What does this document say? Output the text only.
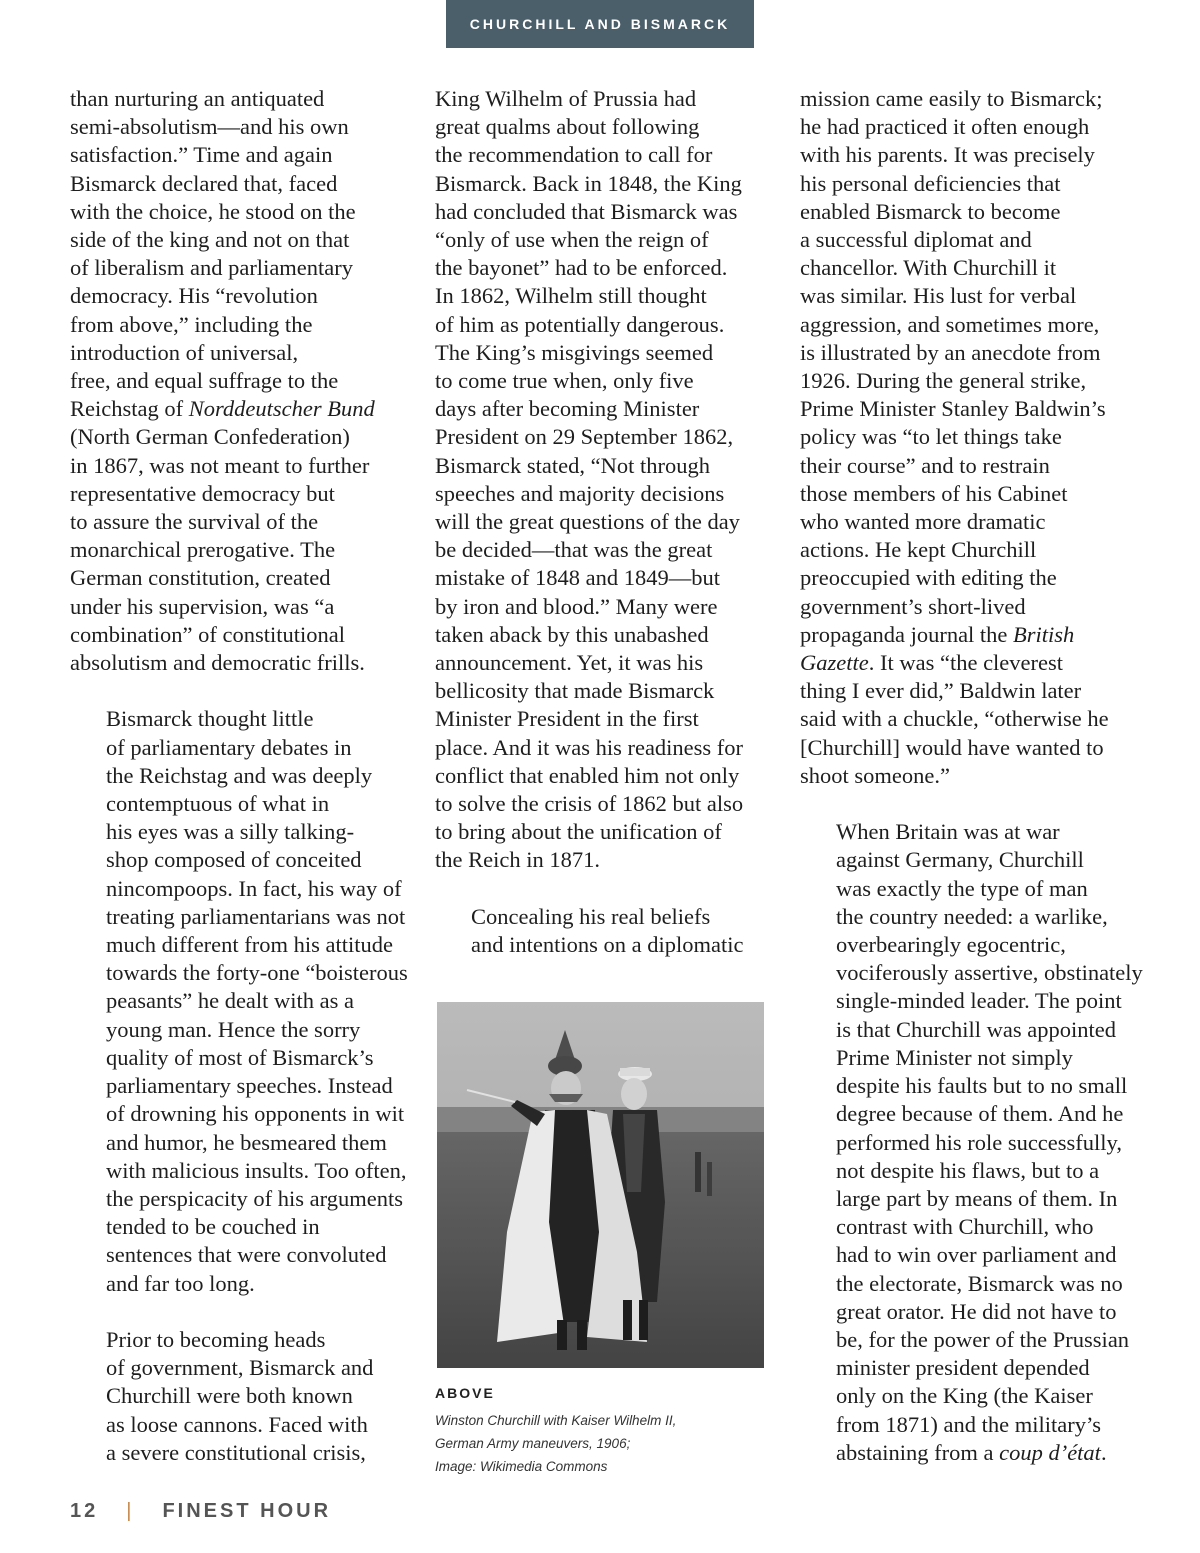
CHURCHILL AND BISMARCK

than nurturing an antiquated
semi-absolutism—and his own
satisfaction.” Time and again
Bismarck declared that, faced
with the choice, he stood on the
side of the king and not on that
of liberalism and parliamentary
democracy. His “revolution
from above,” including the
introduction of universal,
free, and equal suffrage to the
Reichstag of Norddeutscher Bund
(North German Confederation)
in 1867, was not meant to further
representative democracy but
to assure the survival of the
monarchical prerogative. The
German constitution, created
under his supervision, was “a
combination” of constitutional
absolutism and democratic frills.

Bismarck thought little
of parliamentary debates in
the Reichstag and was deeply
contemptuous of what in
his eyes was a silly talking-
shop composed of conceited
nincompoops. In fact, his way of
treating parliamentarians was not
much different from his attitude
towards the forty-one “boisterous
peasants” he dealt with as a
young man. Hence the sorry
quality of most of Bismarck’s
parliamentary speeches. Instead
of drowning his opponents in wit
and humor, he besmeared them
with malicious insults. Too often,
the perspicacity of his arguments
tended to be couched in
sentences that were convoluted
and far too long.

Prior to becoming heads
of government, Bismarck and
Churchill were both known
as loose cannons. Faced with
a severe constitutional crisis,

King Wilhelm of Prussia had
great qualms about following
the recommendation to call for
Bismarck. Back in 1848, the King
had concluded that Bismarck was
“only of use when the reign of
the bayonet” had to be enforced.
In 1862, Wilhelm still thought
of him as potentially dangerous.
The King’s misgivings seemed
to come true when, only five
days after becoming Minister
President on 29 September 1862,
Bismarck stated, “Not through
speeches and majority decisions
will the great questions of the day
be decided—that was the great
mistake of 1848 and 1849—but
by iron and blood.” Many were
taken aback by this unabashed
announcement. Yet, it was his
bellicosity that made Bismarck
Minister President in the first
place. And it was his readiness for
conflict that enabled him not only
to solve the crisis of 1862 but also
to bring about the unification of
the Reich in 1871.

Concealing his real beliefs
and intentions on a diplomatic

mission came easily to Bismarck;
he had practiced it often enough
with his parents. It was precisely
his personal deficiencies that
enabled Bismarck to become
a successful diplomat and
chancellor. With Churchill it
was similar. His lust for verbal
aggression, and sometimes more,
is illustrated by an anecdote from
1926. During the general strike,
Prime Minister Stanley Baldwin’s
policy was “to let things take
their course” and to restrain
those members of his Cabinet
who wanted more dramatic
actions. He kept Churchill
preoccupied with editing the
government’s short-lived
propaganda journal the British
Gazette. It was “the cleverest
thing I ever did,” Baldwin later
said with a chuckle, “otherwise he
[Churchill] would have wanted to
shoot someone.”

When Britain was at war
against Germany, Churchill
was exactly the type of man
the country needed: a warlike,
overbearingly egocentric,
vociferously assertive, obstinately
single-minded leader. The point
is that Churchill was appointed
Prime Minister not simply
despite his faults but to no small
degree because of them. And he
performed his role successfully,
not despite his flaws, but to a
large part by means of them. In
contrast with Churchill, who
had to win over parliament and
the electorate, Bismarck was no
great orator. He did not have to
be, for the power of the Prussian
minister president depended
only on the King (the Kaiser
from 1871) and the military’s
abstaining from a coup d’état.

ABOVE
Winston Churchill with Kaiser Wilhelm II,
German Army maneuvers, 1906;
Image: Wikimedia Commons
12 | FINEST HOUR
